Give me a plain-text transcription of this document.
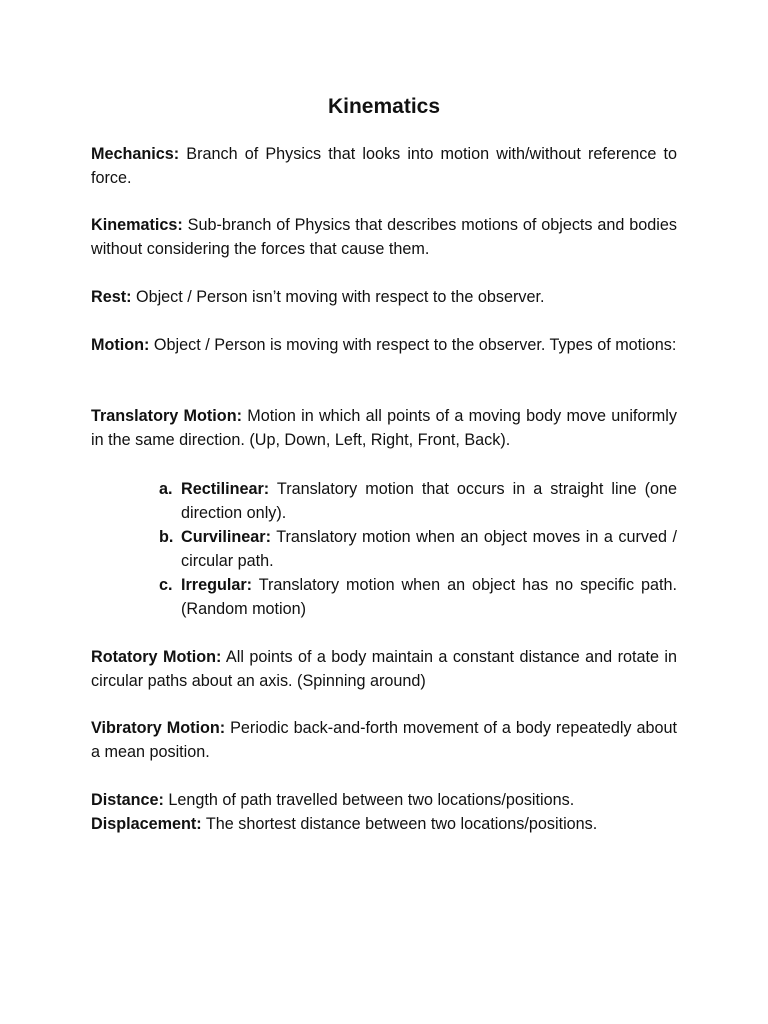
Kinematics

Mechanics: Branch of Physics that looks into motion with/without reference to force.

Kinematics: Sub-branch of Physics that describes motions of objects and bodies without considering the forces that cause them.

Rest: Object / Person isn’t moving with respect to the observer.

Motion: Object / Person is moving with respect to the observer. Types of motions:

Translatory Motion: Motion in which all points of a moving body move uniformly in the same direction. (Up, Down, Left, Right, Front, Back).

a. Rectilinear: Translatory motion that occurs in a straight line (one direction only).
b. Curvilinear: Translatory motion when an object moves in a curved / circular path.
c. Irregular: Translatory motion when an object has no specific path. (Random motion)

Rotatory Motion: All points of a body maintain a constant distance and rotate in circular paths about an axis. (Spinning around)

Vibratory Motion: Periodic back-and-forth movement of a body repeatedly about a mean position.

Distance: Length of path travelled between two locations/positions.

Displacement: The shortest distance between two locations/positions.
